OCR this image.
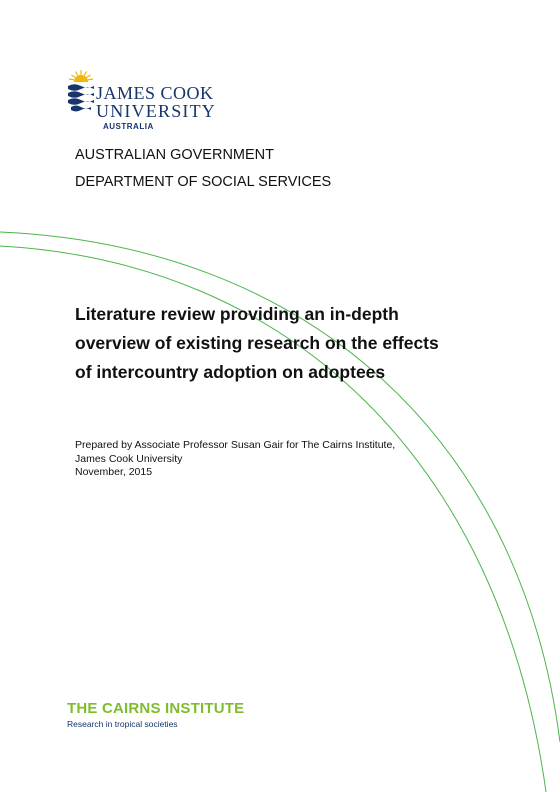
JAMES COOK
UNIVERSITY
AUSTRALIA
AUSTRALIAN GOVERNMENT
DEPARTMENT OF SOCIAL SERVICES
Literature review providing an in-depth
overview of existing research on the effects
of intercountry adoption on adoptees
Prepared by Associate Professor Susan Gair for The Cairns Institute,
James Cook University
November, 2015
THE CAIRNS INSTITUTE
Research in tropical societies
